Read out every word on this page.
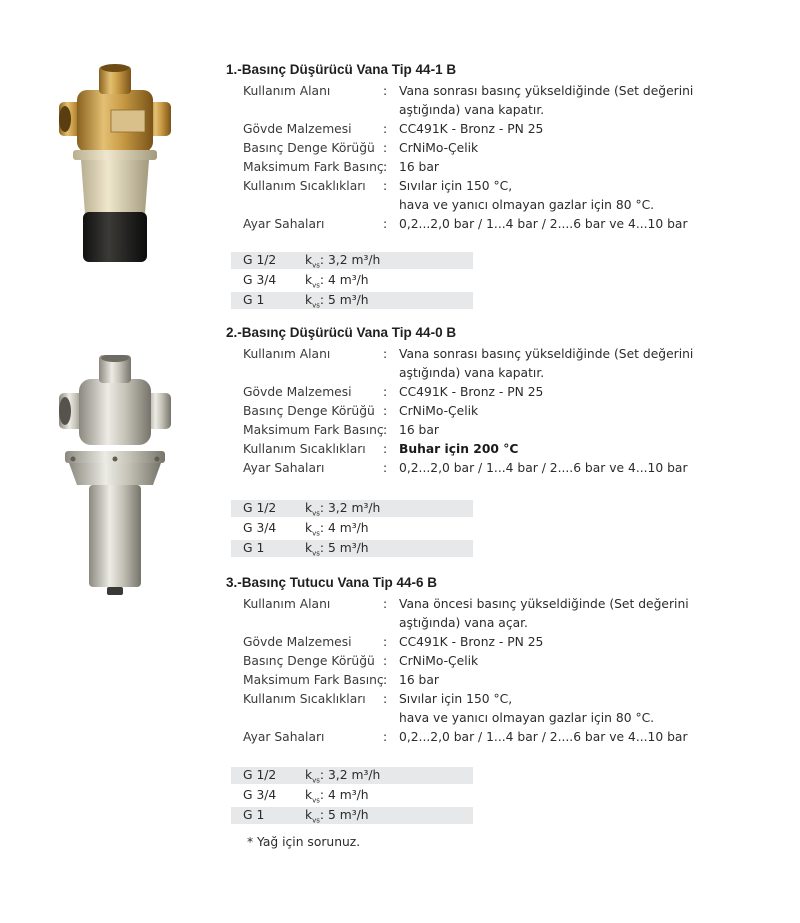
1.-Basınç Düşürücü Vana Tip 44-1 B
Kullanım Alanı	: Vana sonrası basınç yükseldiğinde (Set değerini
aştığında) vana kapatır.
Gövde Malzemesi	: CC491K - Bronz - PN 25
Basınç Denge Körüğü : CrNiMo-Çelik
Maksimum Fark Basınç : 16 bar
Kullanım Sıcaklıkları	: Sıvılar için 150 °C,
hava ve yanıcı olmayan gazlar için 80 °C.
Ayar Sahaları	: 0,2...2,0 bar / 1...4 bar / 2....6 bar ve 4...10 bar
G 1/2	$k_{vs}$: 3,2 m³/h
G 3/4	$k_{vs}$: 4 m³/h
G 1	$k_{vs}$: 5 m³/h
2.-Basınç Düşürücü Vana Tip 44-0 B
Kullanım Alanı	: Vana sonrası basınç yükseldiğinde (Set değerini
aştığında) vana kapatır.
Gövde Malzemesi	: CC491K - Bronz - PN 25
Basınç Denge Körüğü : CrNiMo-Çelik
Maksimum Fark Basınç : 16 bar
Kullanım Sıcaklıkları	: Buhar için 200 °C
Ayar Sahaları	: 0,2...2,0 bar / 1...4 bar / 2....6 bar ve 4...10 bar
G 1/2	$k_{vs}$: 3,2 m³/h
G 3/4	$k_{vs}$: 4 m³/h
G 1	$k_{vs}$: 5 m³/h
3.-Basınç Tutucu Vana Tip 44-6 B
Kullanım Alanı	: Vana öncesi basınç yükseldiğinde (Set değerini
aştığında) vana açar.
Gövde Malzemesi	: CC491K - Bronz - PN 25
Basınç Denge Körüğü : CrNiMo-Çelik
Maksimum Fark Basınç : 16 bar
Kullanım Sıcaklıkları	: Sıvılar için 150 °C,
hava ve yanıcı olmayan gazlar için 80 °C.
Ayar Sahaları	: 0,2...2,0 bar / 1...4 bar / 2....6 bar ve 4...10 bar
G 1/2	$k_{vs}$: 3,2 m³/h
G 3/4	$k_{vs}$: 4 m³/h
G 1	$k_{vs}$: 5 m³/h
* Yağ için sorunuz.
